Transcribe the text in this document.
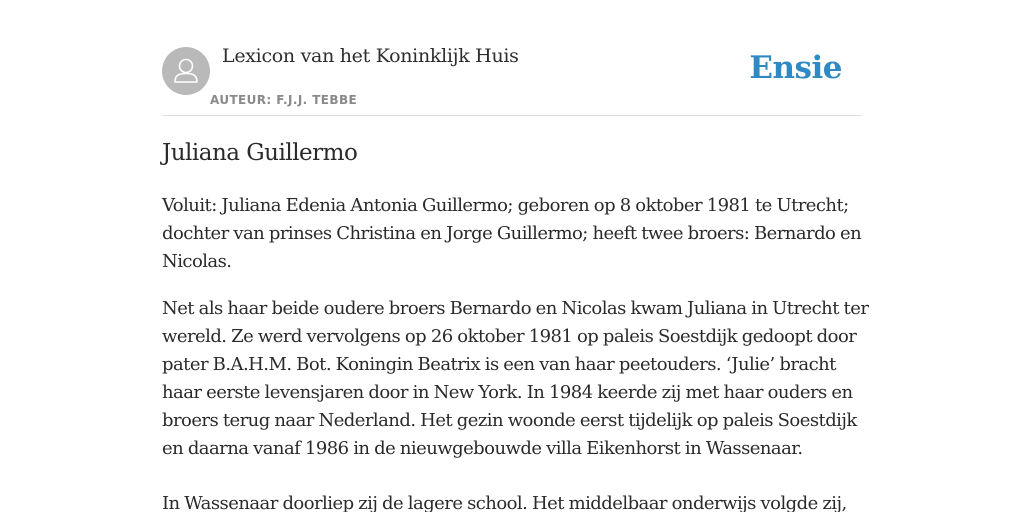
Lexicon van het Koninklijk Huis
AUTEUR: F.J.J. TEBBE
Ensie
Juliana Guillermo

Voluit: Juliana Edenia Antonia Guillermo; geboren op 8 oktober 1981 te Utrecht;
dochter van prinses Christina en Jorge Guillermo; heeft twee broers: Bernardo en
Nicolas.

Net als haar beide oudere broers Bernardo en Nicolas kwam Juliana in Utrecht ter
wereld. Ze werd vervolgens op 26 oktober 1981 op paleis Soestdijk gedoopt door
pater B.A.H.M. Bot. Koningin Beatrix is een van haar peetouders. ‘Julie’ bracht
haar eerste levensjaren door in New York. In 1984 keerde zij met haar ouders en
broers terug naar Nederland. Het gezin woonde eerst tijdelijk op paleis Soestdijk
en daarna vanaf 1986 in de nieuwgebouwde villa Eikenhorst in Wassenaar.

In Wassenaar doorliep zij de lagere school. Het middelbaar onderwijs volgde zij,
